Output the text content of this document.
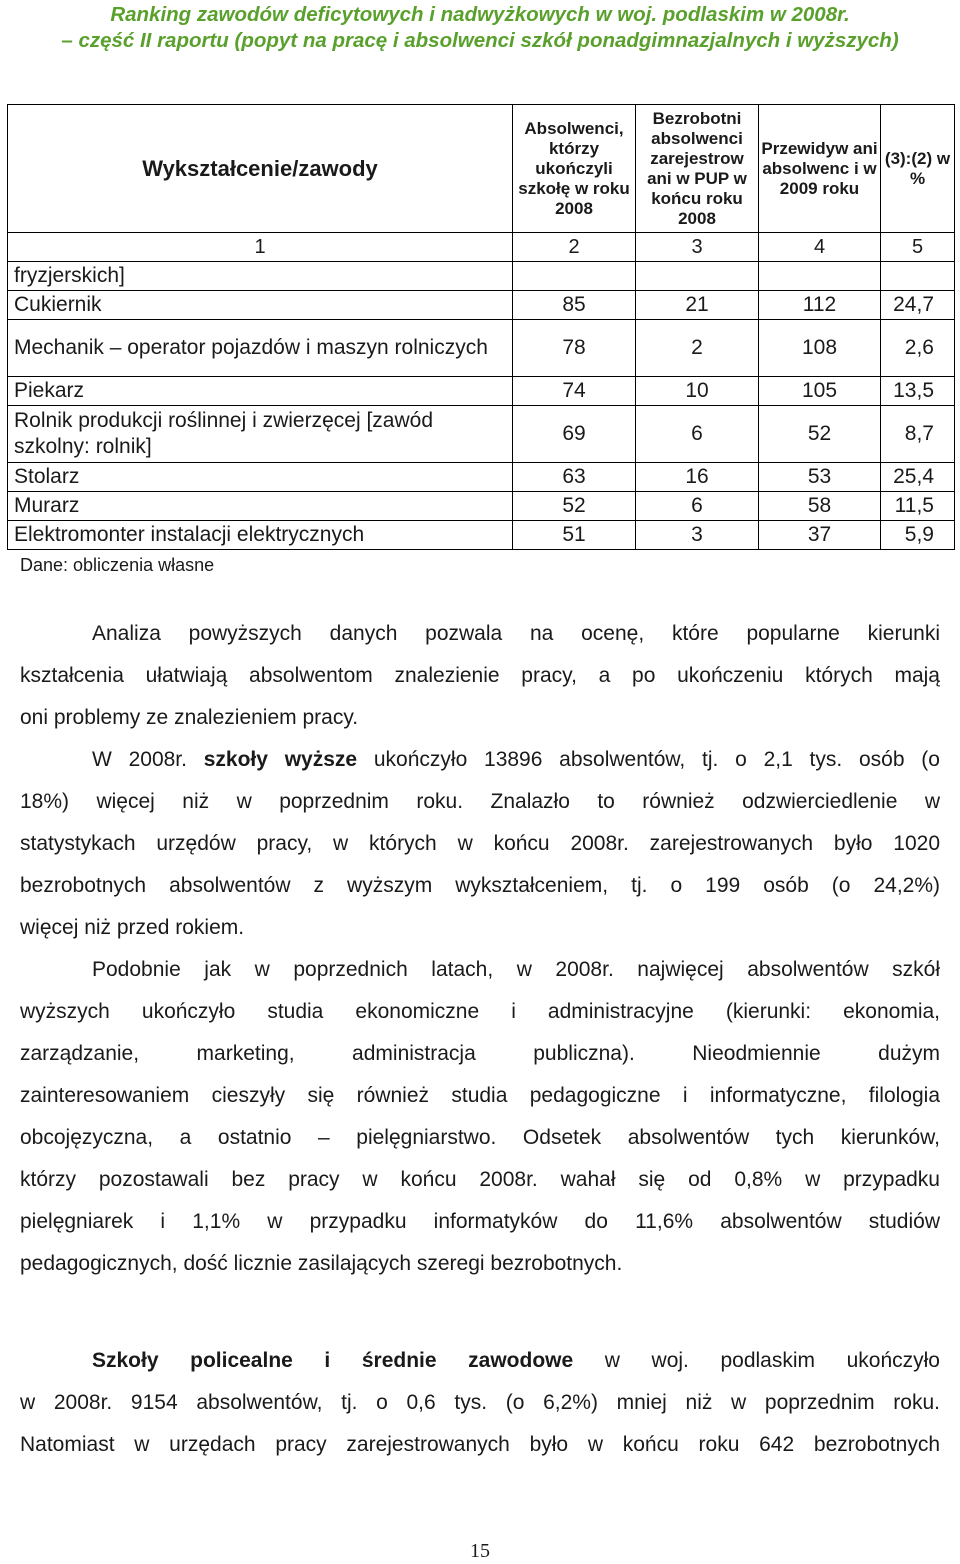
Ranking zawodów deficytowych i nadwyżkowych w woj. podlaskim w 2008r.
– część II raportu (popyt na pracę i absolwenci szkół ponadgimnazjalnych i wyższych)
Wykształcenie/zawody	Absolwenci, którzy ukończyli szkołę w roku 2008	Bezrobotni absolwenci zarejestrow ani w PUP w końcu roku 2008	Przewidyw ani absolwenc i w 2009 roku	(3):(2) w %
1	2	3	4	5
fryzjerskich]				
Cukiernik	85	21	112	24,7
Mechanik – operator pojazdów i maszyn rolniczych	78	2	108	2,6
Piekarz	74	10	105	13,5
Rolnik produkcji roślinnej i zwierzęcej [zawód szkolny: rolnik]	69	6	52	8,7
Stolarz	63	16	53	25,4
Murarz	52	6	58	11,5
Elektromonter instalacji elektrycznych	51	3	37	5,9
Dane: obliczenia własne
Analiza powyższych danych pozwala na ocenę, które popularne kierunki
kształcenia ułatwiają absolwentom znalezienie pracy, a po ukończeniu których mają
oni problemy ze znalezieniem pracy.
W 2008r. szkoły wyższe ukończyło 13896 absolwentów, tj. o 2,1 tys. osób (o
18%) więcej niż w poprzednim roku. Znalazło to również odzwierciedlenie w
statystykach urzędów pracy, w których w końcu 2008r. zarejestrowanych było 1020
bezrobotnych absolwentów z wyższym wykształceniem, tj. o 199 osób (o 24,2%)
więcej niż przed rokiem.
Podobnie jak w poprzednich latach, w 2008r. najwięcej absolwentów szkół
wyższych ukończyło studia ekonomiczne i administracyjne (kierunki: ekonomia,
zarządzanie, marketing, administracja publiczna). Nieodmiennie dużym
zainteresowaniem cieszyły się również studia pedagogiczne i informatyczne, filologia
obcojęzyczna, a ostatnio – pielęgniarstwo. Odsetek absolwentów tych kierunków,
którzy pozostawali bez pracy w końcu 2008r. wahał się od 0,8% w przypadku
pielęgniarek i 1,1% w przypadku informatyków do 11,6% absolwentów studiów
pedagogicznych, dość licznie zasilających szeregi bezrobotnych.
Szkoły policealne i średnie zawodowe w woj. podlaskim ukończyło
w 2008r. 9154 absolwentów, tj. o 0,6 tys. (o 6,2%) mniej niż w poprzednim roku.
Natomiast w urzędach pracy zarejestrowanych było w końcu roku 642 bezrobotnych
15
